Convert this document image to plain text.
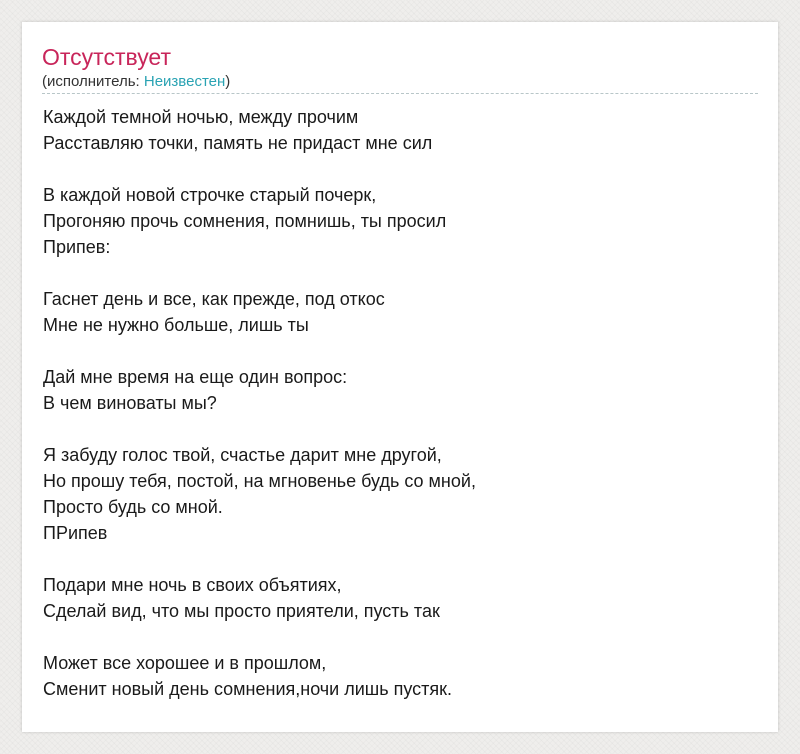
Отсутствует
(исполнитель: Неизвестен)
Каждой темной ночью, между прочим
Расставляю точки, память не придаст мне сил
В каждой новой строчке старый почерк,
Прогоняю прочь сомнения, помнишь, ты просил
Припев:
Гаснет день и все, как прежде, под откос
Мне не нужно больше, лишь ты
Дай мне время на еще один вопрос:
В чем виноваты мы?
Я забуду голос твой, счастье дарит мне другой,
Но прошу тебя, постой, на мгновенье будь со мной,
Просто будь со мной.
ПРипев
Подари мне ночь в своих объятиях,
Сделай вид, что мы просто приятели, пусть так
Может все хорошее и в прошлом,
Сменит новый день сомнения,ночи лишь пустяк.
